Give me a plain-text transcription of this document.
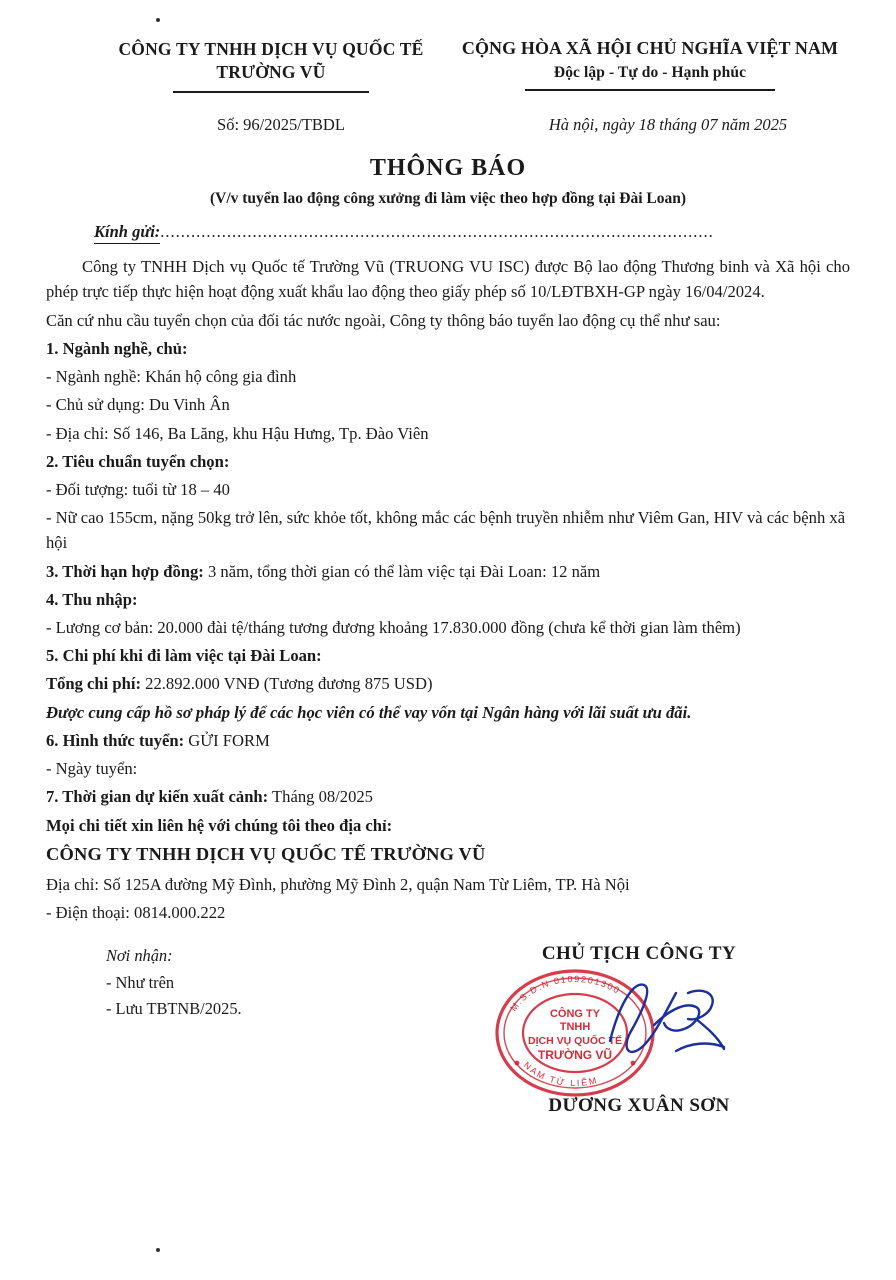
CÔNG TY TNHH DỊCH VỤ QUỐC TẾ
TRƯỜNG VŨ
CỘNG HÒA XÃ HỘI CHỦ NGHĨA VIỆT NAM
Độc lập - Tự do - Hạnh phúc
Số: 96/2025/TBDL	Hà nội, ngày 18 tháng 07 năm 2025
THÔNG BÁO
(V/v tuyển lao động công xưởng đi làm việc theo hợp đồng tại Đài Loan)
Kính gửi:............................................................................................................

Công ty TNHH Dịch vụ Quốc tế Trường Vũ (TRUONG VU ISC) được Bộ lao động Thương binh và Xã hội cho phép trực tiếp thực hiện hoạt động xuất khẩu lao động theo giấy phép số 10/LĐTBXH-GP ngày 16/04/2024.

Căn cứ nhu cầu tuyển chọn của đối tác nước ngoài, Công ty thông báo tuyển lao động cụ thể như sau:

1. Ngành nghề, chủ:

- Ngành nghề: Khán hộ công gia đình

- Chủ sử dụng: Du Vinh Ân

- Địa chỉ: Số 146, Ba Lăng, khu Hậu Hưng, Tp. Đào Viên

2. Tiêu chuẩn tuyển chọn:

- Đối tượng: tuổi từ 18 – 40

- Nữ cao 155cm, nặng 50kg trở lên, sức khỏe tốt, không mắc các bệnh truyền nhiễm như Viêm Gan, HIV và các bệnh xã hội

3. Thời hạn hợp đồng: 3 năm, tổng thời gian có thể làm việc tại Đài Loan: 12 năm

4. Thu nhập:

- Lương cơ bản: 20.000 đài tệ/tháng tương đương khoảng 17.830.000 đồng (chưa kể thời gian làm thêm)

5. Chi phí khi đi làm việc tại Đài Loan:

Tổng chi phí: 22.892.000 VNĐ (Tương đương 875 USD)

Được cung cấp hồ sơ pháp lý để các học viên có thể vay vốn tại Ngân hàng với lãi suất ưu đãi.

6. Hình thức tuyển: GỬI FORM

- Ngày tuyển:

7. Thời gian dự kiến xuất cảnh: Tháng 08/2025

Mọi chi tiết xin liên hệ với chúng tôi theo địa chỉ:

CÔNG TY TNHH DỊCH VỤ QUỐC TẾ TRƯỜNG VŨ

Địa chỉ: Số 125A đường Mỹ Đình, phường Mỹ Đình 2, quận Nam Từ Liêm, TP. Hà Nội

- Điện thoại: 0814.000.222

Nơi nhận:
- Như trên
- Lưu TBTNB/2025.
CHỦ TỊCH CÔNG TY
M.S.D.N 0109201300
NAM TỪ LIÊM
CÔNG TY
TNHH
DỊCH VỤ QUỐC TẾ
TRƯỜNG VŨ
DƯƠNG XUÂN SƠN
